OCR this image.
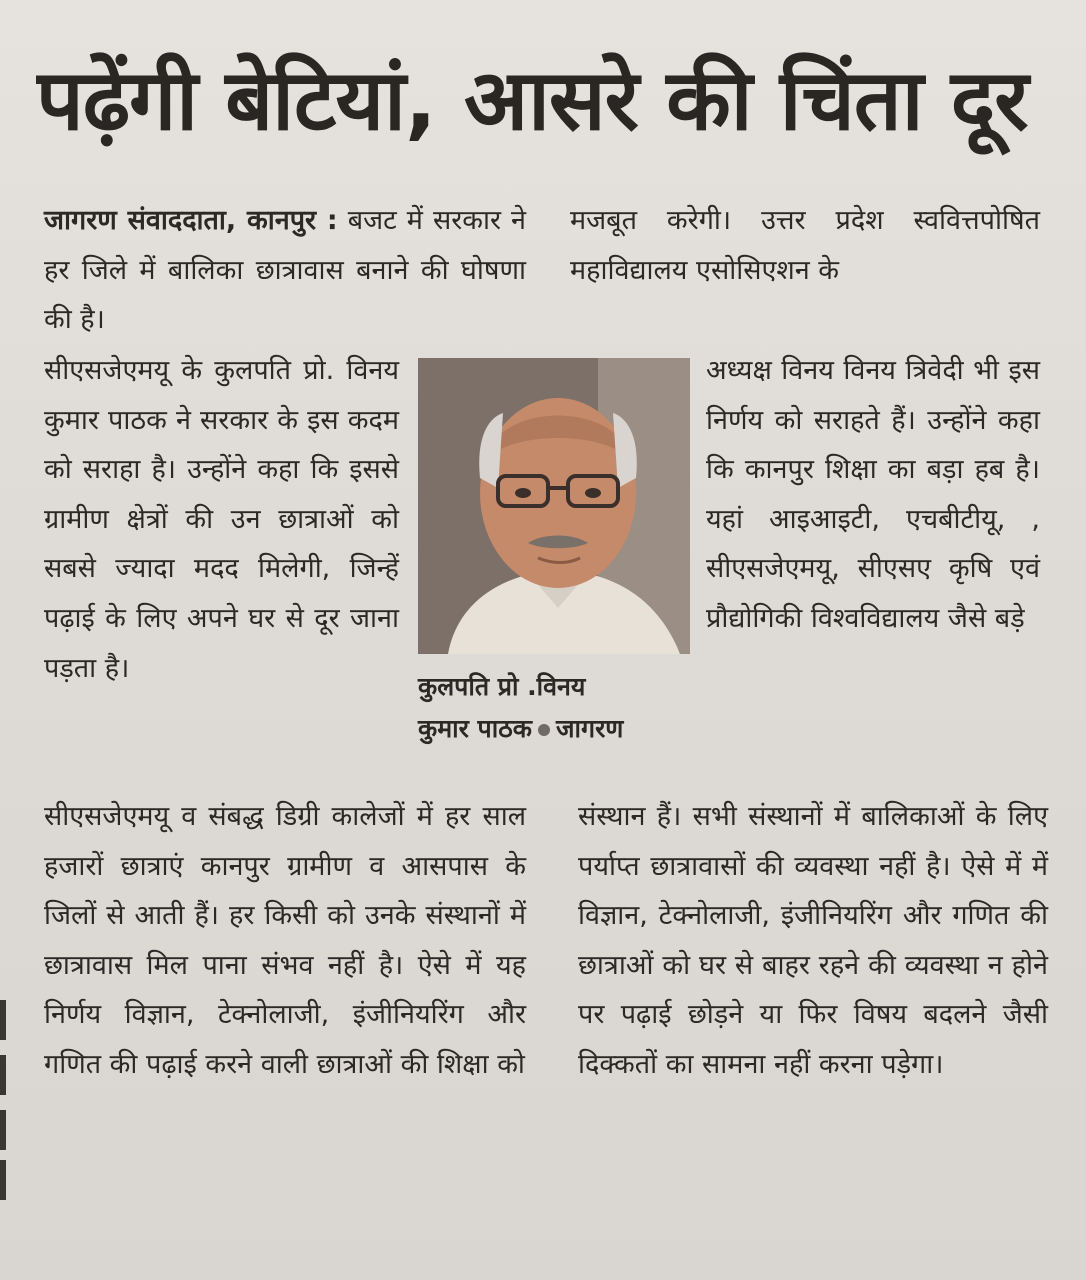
पढ़ेंगी बेटियां, आसरे की चिंता दूर

जागरण संवाददाता, कानपुर : बजट में सरकार ने हर जिले में बालिका छात्रावास बनाने की घोषणा की है।

सीएसजेएमयू के कुलपति प्रो. विनय कुमार पाठक ने सरकार के इस कदम को सराहा है। उन्होंने कहा कि इससे ग्रामीण क्षेत्रों की उन छात्राओं को सबसे ज्यादा मदद मिलेगी, जिन्हें पढ़ाई के लिए अपने घर से दूर जाना पड़ता है।

सीएसजेएमयू व संबद्ध डिग्री कालेजों में हर साल हजारों छात्राएं कानपुर ग्रामीण व आसपास के जिलों से आती हैं। हर किसी को उनके संस्थानों में छात्रावास मिल पाना संभव नहीं है। ऐसे में यह निर्णय विज्ञान, टेक्नोलाजी, इंजीनियरिंग और गणित की पढ़ाई करने वाली छात्राओं की शिक्षा को

कुलपति प्रो .विनय
कुमार पाठक जागरण

मजबूत करेगी। उत्तर प्रदेश स्ववित्तपोषित महाविद्यालय एसोसिएशन के

अध्यक्ष विनय विनय त्रिवेदी भी इस निर्णय को सराहते हैं। उन्होंने कहा कि कानपुर शिक्षा का बड़ा हब है। यहां आइआइटी, एचबीटीयू, , सीएसजेएमयू, सीएसए कृषि एवं प्रौद्योगिकी विश्वविद्यालय जैसे बड़े

संस्थान हैं। सभी संस्थानों में बालिकाओं के लिए पर्याप्त छात्रावासों की व्यवस्था नहीं है। ऐसे में में विज्ञान, टेक्नोलाजी, इंजीनियरिंग और गणित की छात्राओं को घर से बाहर रहने की व्यवस्था न होने पर पढ़ाई छोड़ने या फिर विषय बदलने जैसी दिक्कतों का सामना नहीं करना पड़ेगा।
